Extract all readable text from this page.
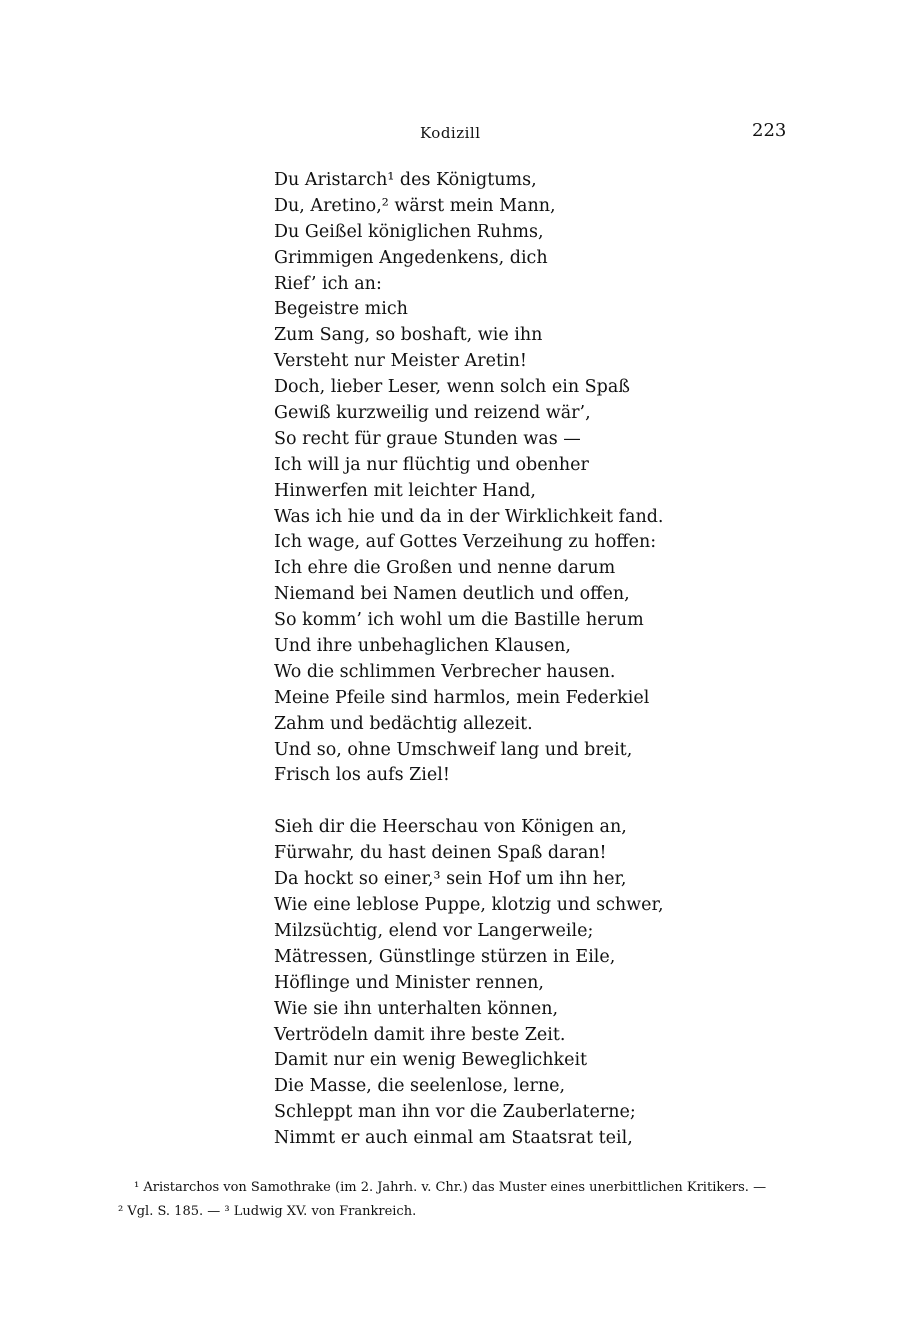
Kodizill	223
Du Aristarch¹ des Königtums,
Du, Aretino,² wärst mein Mann,
Du Geißel königlichen Ruhms,
Grimmigen Angedenkens, dich
Rief’ ich an:
Begeistre mich
Zum Sang, so boshaft, wie ihn
Versteht nur Meister Aretin!
Doch, lieber Leser, wenn solch ein Spaß
Gewiß kurzweilig und reizend wär’,
So recht für graue Stunden was —
Ich will ja nur flüchtig und obenher
Hinwerfen mit leichter Hand,
Was ich hie und da in der Wirklichkeit fand.
Ich wage, auf Gottes Verzeihung zu hoffen:
Ich ehre die Großen und nenne darum
Niemand bei Namen deutlich und offen,
So komm’ ich wohl um die Bastille herum
Und ihre unbehaglichen Klausen,
Wo die schlimmen Verbrecher hausen.
Meine Pfeile sind harmlos, mein Federkiel
Zahm und bedächtig allezeit.
Und so, ohne Umschweif lang und breit,
Frisch los aufs Ziel!
Sieh dir die Heerschau von Königen an,
Fürwahr, du hast deinen Spaß daran!
Da hockt so einer,³ sein Hof um ihn her,
Wie eine leblose Puppe, klotzig und schwer,
Milzsüchtig, elend vor Langerweile;
Mätressen, Günstlinge stürzen in Eile,
Höflinge und Minister rennen,
Wie sie ihn unterhalten können,
Vertrödeln damit ihre beste Zeit.
Damit nur ein wenig Beweglichkeit
Die Masse, die seelenlose, lerne,
Schleppt man ihn vor die Zauberlaterne;
Nimmt er auch einmal am Staatsrat teil,
¹ Aristarchos von Samothrake (im 2. Jahrh. v. Chr.) das Muster eines unerbittlichen Kritikers. —
² Vgl. S. 185. — ³ Ludwig XV. von Frankreich.
